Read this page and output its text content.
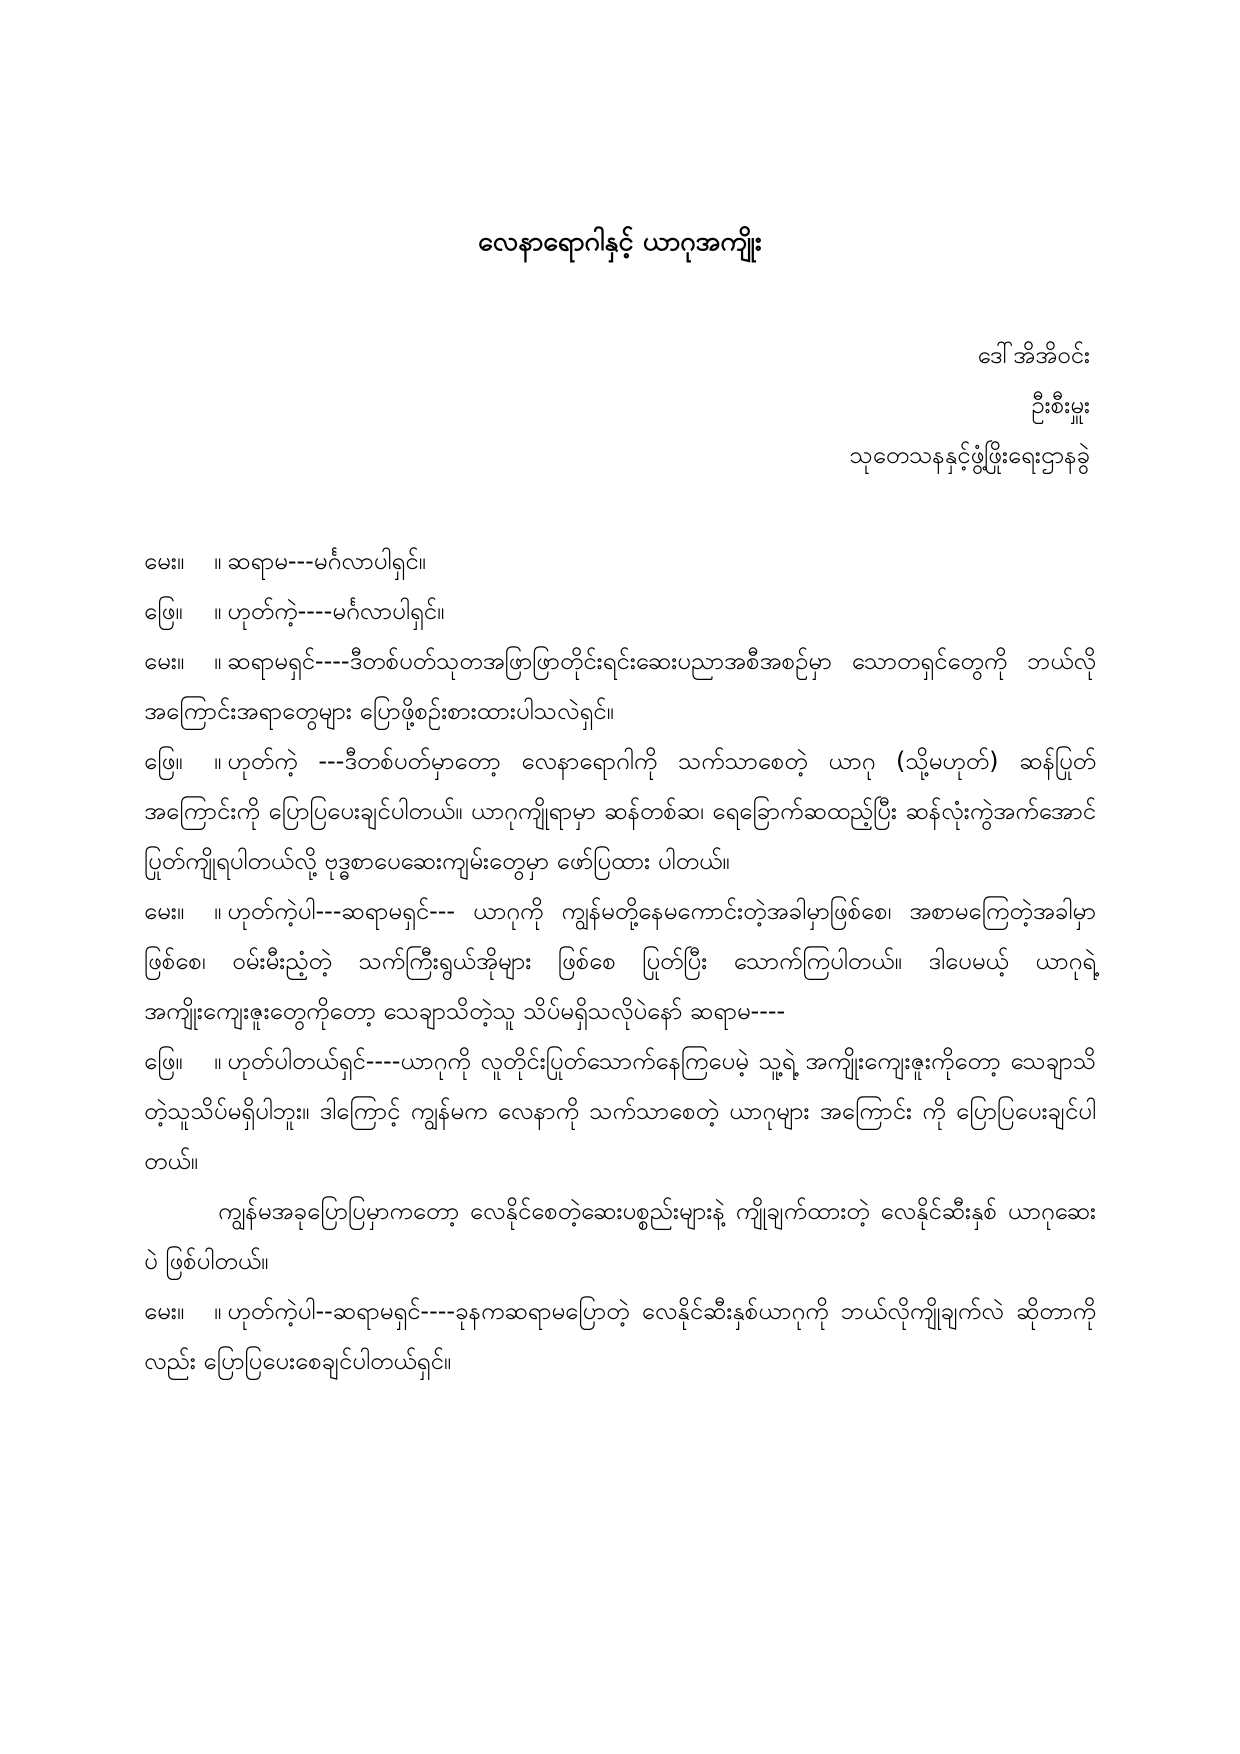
လေနာရောဂါနှင့် ယာဂုအကျိုး
ဒေါ်အိအိဝင်း
ဦးစီးမှူး
သုတေသနနှင့်ဖွံ့ဖြိုးရေးဌာနခွဲ

မေး။ ။ ဆရာမ---မင်္ဂလာပါရှင်။

ဖြေ။ ။ ဟုတ်ကဲ့----မင်္ဂလာပါရှင်။

မေး။ ။ ဆရာမရှင်----ဒီတစ်ပတ်သုတအဖြာဖြာတိုင်းရင်းဆေးပညာအစီအစဉ်မှာ သောတရှင်တွေကို ဘယ်လိုအကြောင်းအရာတွေများ ပြောဖို့စဉ်းစားထားပါသလဲရှင်။

ဖြေ။ ။ ဟုတ်ကဲ့ ---ဒီတစ်ပတ်မှာတော့ လေနာရောဂါကို သက်သာစေတဲ့ ယာဂု (သို့မဟုတ်) ဆန်ပြုတ်အကြောင်းကို ပြောပြပေးချင်ပါတယ်။ ယာဂုကျိုရာမှာ ဆန်တစ်ဆ၊ ရေခြောက်ဆထည့်ပြီး ဆန်လုံးကွဲအက်အောင် ပြုတ်ကျိုရပါတယ်လို့ ဗုဒ္ဓစာပေဆေးကျမ်းတွေမှာ ဖော်ပြထား ပါတယ်။

မေး။ ။ ဟုတ်ကဲ့ပါ---ဆရာမရှင်--- ယာဂုကို ကျွန်မတို့နေမကောင်းတဲ့အခါမှာဖြစ်စေ၊ အစာမကြေတဲ့အခါမှာ ဖြစ်စေ၊ ဝမ်းမီးညံ့တဲ့ သက်ကြီးရွယ်အိုများ ဖြစ်စေ ပြုတ်ပြီး သောက်ကြပါတယ်။ ဒါပေမယ့် ယာဂုရဲ့ အကျိုးကျေးဇူးတွေကိုတော့ သေချာသိတဲ့သူ သိပ်မရှိသလိုပဲနော် ဆရာမ----

ဖြေ။ ။ ဟုတ်ပါတယ်ရှင်----ယာဂုကို လူတိုင်းပြုတ်သောက်နေကြပေမဲ့ သူ့ရဲ့ အကျိုးကျေးဇူးကိုတော့ သေချာသိတဲ့သူသိပ်မရှိပါဘူး။ ဒါကြောင့် ကျွန်မက လေနာကို သက်သာစေတဲ့ ယာဂုများ အကြောင်း ကို ပြောပြပေးချင်ပါတယ်။

ကျွန်မအခုပြောပြမှာကတော့ လေနိုင်စေတဲ့ဆေးပစ္စည်းများနဲ့ ကျိုချက်ထားတဲ့ လေနိုင်ဆီးနှစ် ယာဂုဆေးပဲ ဖြစ်ပါတယ်။

မေး။ ။ ဟုတ်ကဲ့ပါ--ဆရာမရှင်----ခုနကဆရာမပြောတဲ့ လေနိုင်ဆီးနှစ်ယာဂုကို ဘယ်လိုကျိုချက်လဲ ဆိုတာကိုလည်း ပြောပြပေးစေချင်ပါတယ်ရှင်။
